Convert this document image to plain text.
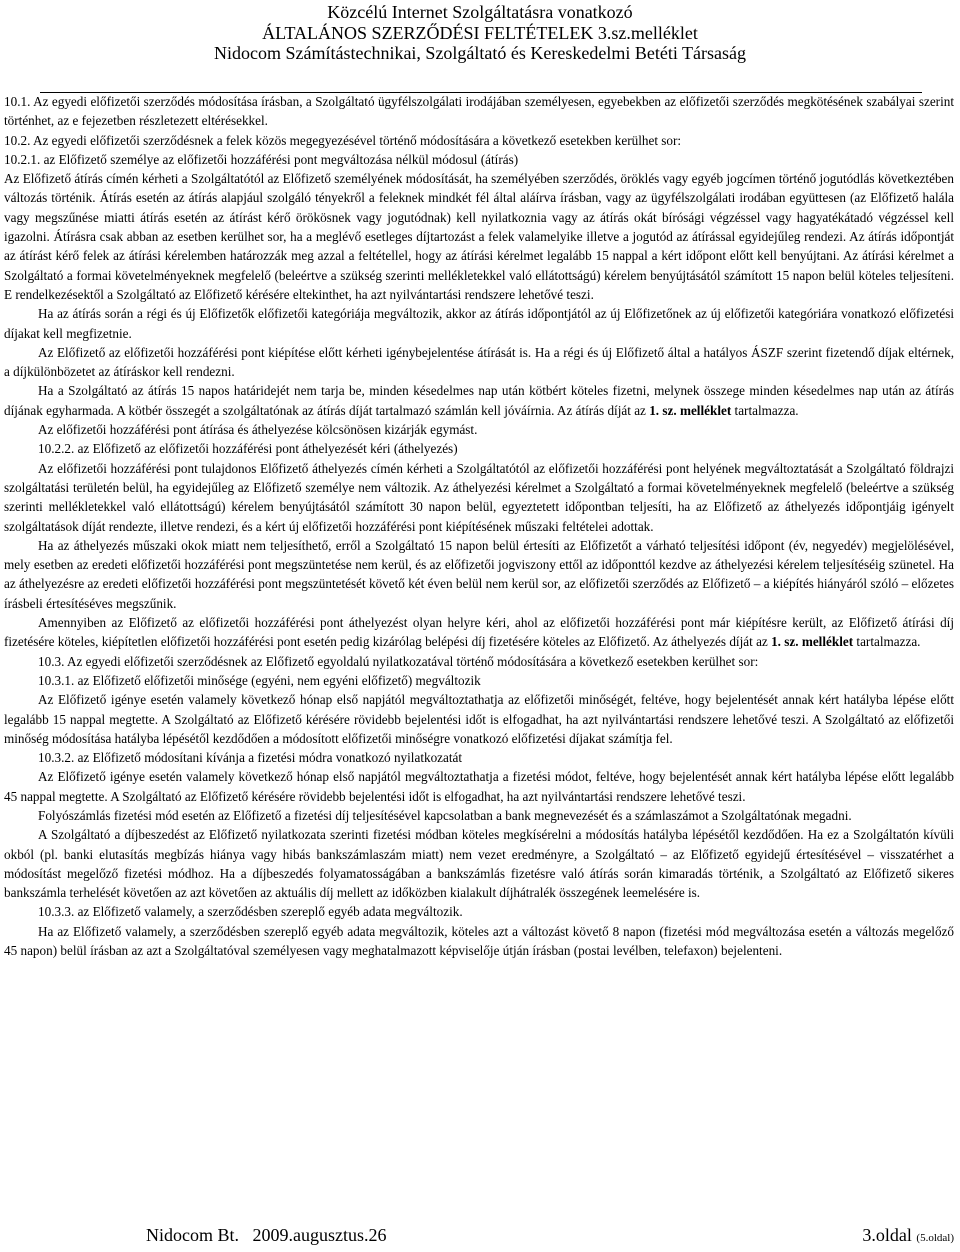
Közcélú Internet Szolgáltatásra vonatkozó
ÁLTALÁNOS SZERZŐDÉSI FELTÉTELEK 3.sz.melléklet
Nidocom Számítástechnikai, Szolgáltató és Kereskedelmi Betéti Társaság

10.1. Az egyedi előfizetői szerződés módosítása írásban, a Szolgáltató ügyfélszolgálati irodájában személyesen, egyebekben az előfizetői szerződés megkötésének szabályai szerint történhet, az e fejezetben részletezett eltérésekkel.

10.2. Az egyedi előfizetői szerződésnek a felek közös megegyezésével történő módosítására a következő esetekben kerülhet sor:

10.2.1. az Előfizető személye az előfizetői hozzáférési pont megváltozása nélkül módosul (átírás)

Az Előfizető átírás címén kérheti a Szolgáltatótól az Előfizető személyének módosítását, ha személyében szerződés, öröklés vagy egyéb jogcímen történő jogutódlás következtében változás történik. Átírás esetén az átírás alapjául szolgáló tényekről a feleknek mindkét fél által aláírva írásban, vagy az ügyfélszolgálati irodában együttesen (az Előfizető halála vagy megszűnése miatti átírás esetén az átírást kérő örökösnek vagy jogutódnak) kell nyilatkoznia vagy az átírás okát bírósági végzéssel vagy hagyatékátadó végzéssel kell igazolni. Átírásra csak abban az esetben kerülhet sor, ha a meglévő esetleges díjtartozást a felek valamelyike illetve a jogutód az átírással egyidejűleg rendezi. Az átírás időpontját az átírást kérő felek az átírási kérelemben határozzák meg azzal a feltétellel, hogy az átírási kérelmet legalább 15 nappal a kért időpont előtt kell benyújtani. Az átírási kérelmet a Szolgáltató a formai követelményeknek megfelelő (beleértve a szükség szerinti mellékletekkel való ellátottságú) kérelem benyújtásától számított 15 napon belül köteles teljesíteni. E rendelkezésektől a Szolgáltató az Előfizető kérésére eltekinthet, ha azt nyilvántartási rendszere lehetővé teszi.

Ha az átírás során a régi és új Előfizetők előfizetői kategóriája megváltozik, akkor az átírás időpontjától az új Előfizetőnek az új előfizetői kategóriára vonatkozó előfizetési díjakat kell megfizetnie.

Az Előfizető az előfizetői hozzáférési pont kiépítése előtt kérheti igénybejelentése átírását is. Ha a régi és új Előfizető által a hatályos ÁSZF szerint fizetendő díjak eltérnek, a díjkülönbözetet az átíráskor kell rendezni.

Ha a Szolgáltató az átírás 15 napos határidejét nem tarja be, minden késedelmes nap után kötbért köteles fizetni, melynek összege minden késedelmes nap után az átírás díjának egyharmada. A kötbér összegét a szolgáltatónak az átírás díját tartalmazó számlán kell jóváírnia. Az átírás díját az 1. sz. melléklet tartalmazza.

Az előfizetői hozzáférési pont átírása és áthelyezése kölcsönösen kizárják egymást.

10.2.2. az Előfizető az előfizetői hozzáférési pont áthelyezését kéri (áthelyezés)

Az előfizetői hozzáférési pont tulajdonos Előfizető áthelyezés címén kérheti a Szolgáltatótól az előfizetői hozzáférési pont helyének megváltoztatását a Szolgáltató földrajzi szolgáltatási területén belül, ha egyidejűleg az Előfizető személye nem változik. Az áthelyezési kérelmet a Szolgáltató a formai követelményeknek megfelelő (beleértve a szükség szerinti mellékletekkel való ellátottságú) kérelem benyújtásától számított 30 napon belül, egyeztetett időpontban teljesíti, ha az Előfizető az áthelyezés időpontjáig igényelt szolgáltatások díját rendezte, illetve rendezi, és a kért új előfizetői hozzáférési pont kiépítésének műszaki feltételei adottak.

Ha az áthelyezés műszaki okok miatt nem teljesíthető, erről a Szolgáltató 15 napon belül értesíti az Előfizetőt a várható teljesítési időpont (év, negyedév) megjelölésével, mely esetben az eredeti előfizetői hozzáférési pont megszüntetése nem kerül, és az előfizetői jogviszony ettől az időponttól kezdve az áthelyezési kérelem teljesítéséig szünetel. Ha az áthelyezésre az eredeti előfizetői hozzáférési pont megszüntetését követő két éven belül nem kerül sor, az előfizetői szerződés az Előfizető – a kiépítés hiányáról szóló – előzetes írásbeli értesítéséves megszűnik.

Amennyiben az Előfizető az előfizetői hozzáférési pont áthelyezést olyan helyre kéri, ahol az előfizetői hozzáférési pont már kiépítésre került, az Előfizető átírási díj fizetésére köteles, kiépítetlen előfizetői hozzáférési pont esetén pedig kizárólag belépési díj fizetésére köteles az Előfizető. Az áthelyezés díját az 1. sz. melléklet tartalmazza.

10.3. Az egyedi előfizetői szerződésnek az Előfizető egyoldalú nyilatkozatával történő módosítására a következő esetekben kerülhet sor:

10.3.1. az Előfizető előfizetői minősége (egyéni, nem egyéni előfizető) megváltozik

Az Előfizető igénye esetén valamely következő hónap első napjától megváltoztathatja az előfizetői minőségét, feltéve, hogy bejelentését annak kért hatályba lépése előtt legalább 15 nappal megtette. A Szolgáltató az Előfizető kérésére rövidebb bejelentési időt is elfogadhat, ha azt nyilvántartási rendszere lehetővé teszi. A Szolgáltató az előfizetői minőség módosítása hatályba lépésétől kezdődően a módosított előfizetői minőségre vonatkozó előfizetési díjakat számítja fel.

10.3.2. az Előfizető módosítani kívánja a fizetési módra vonatkozó nyilatkozatát

Az Előfizető igénye esetén valamely következő hónap első napjától megváltoztathatja a fizetési módot, feltéve, hogy bejelentését annak kért hatályba lépése előtt legalább 45 nappal megtette. A Szolgáltató az Előfizető kérésére rövidebb bejelentési időt is elfogadhat, ha azt nyilvántartási rendszere lehetővé teszi.

Folyószámlás fizetési mód esetén az Előfizető a fizetési díj teljesítésével kapcsolatban a bank megnevezését és a számlaszámot a Szolgáltatónak megadni.

A Szolgáltató a díjbeszedést az Előfizető nyilatkozata szerinti fizetési módban köteles megkísérelni a módosítás hatályba lépésétől kezdődően. Ha ez a Szolgáltatón kívüli okból (pl. banki elutasítás megbízás hiánya vagy hibás bankszámlaszám miatt) nem vezet eredményre, a Szolgáltató – az Előfizető egyidejű értesítésével – visszatérhet a módosítást megelőző fizetési módhoz. Ha a díjbeszedés folyamatosságában a bankszámlás fizetésre való átírás során kimaradás történik, a Szolgáltató az Előfizető sikeres bankszámla terhelését követően az azt követően az aktuális díj mellett az időközben kialakult díjhátralék összegének leemelésére is.

10.3.3. az Előfizető valamely, a szerződésben szereplő egyéb adata megváltozik.

Ha az Előfizető valamely, a szerződésben szereplő egyéb adata megváltozik, köteles azt a változást követő 8 napon (fizetési mód megváltozása esetén a változás megelőző 45 napon) belül írásban az azt a Szolgáltatóval személyesen vagy meghatalmazott képviselője útján írásban (postai levélben, telefaxon) bejelenteni.

Nidocom Bt. 2009.augusztus.26	3.oldal (5.oldal)
